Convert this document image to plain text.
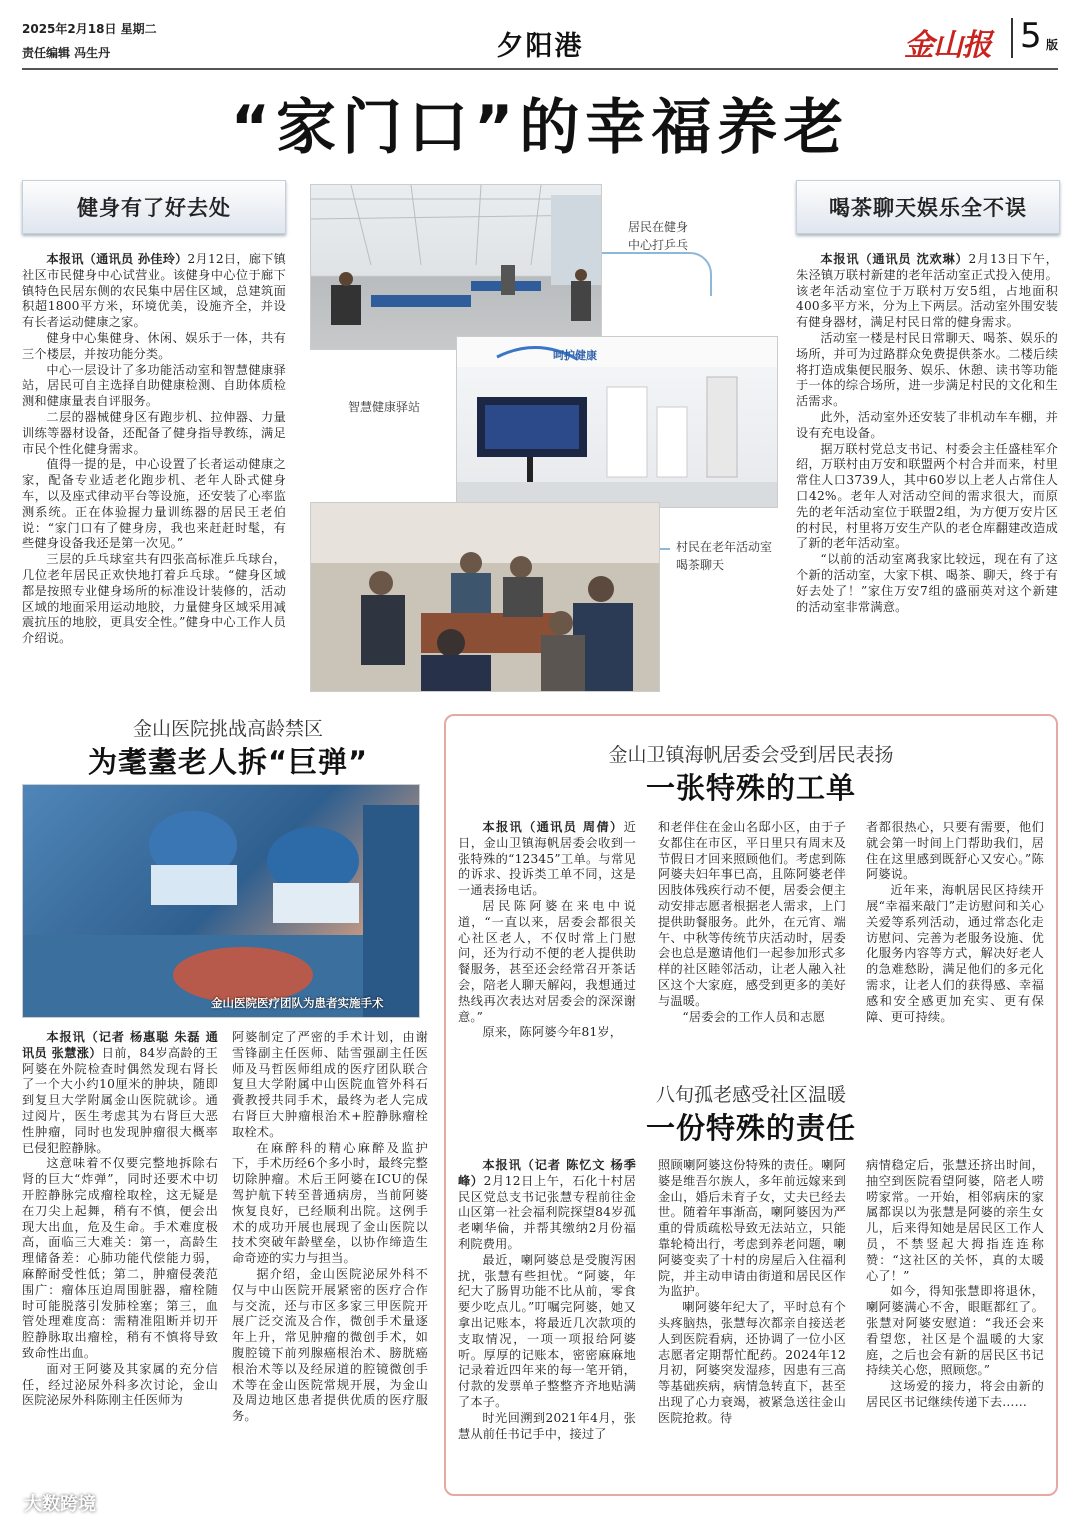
2025年2月18日 星期二
责任编辑 冯生丹	夕阳港	金山报 5 版
“家门口”的幸福养老
健身有了好去处

本报讯（通讯员 孙佳玲）2月12日，廊下镇社区市民健身中心试营业。该健身中心位于廊下镇特色民居东侧的农民集中居住区域，总建筑面积超1800平方米，环境优美，设施齐全，并设有长者运动健康之家。

健身中心集健身、休闲、娱乐于一体，共有三个楼层，并按功能分类。

中心一层设计了多功能活动室和智慧健康驿站，居民可自主选择自助健康检测、自助体质检测和健康量表自评服务。

二层的器械健身区有跑步机、拉伸器、力量训练等器材设备，还配备了健身指导教练，满足市民个性化健身需求。

值得一提的是，中心设置了长者运动健康之家，配备专业适老化跑步机、老年人卧式健身车，以及座式律动平台等设施，还安装了心率监测系统。正在体验握力量训练器的居民王老伯说：“家门口有了健身房，我也来赶赶时髦，有些健身设备我还是第一次见。”

三层的乒乓球室共有四张高标准乒乓球台，几位老年居民正欢快地打着乒乓球。“健身区域都是按照专业健身场所的标准设计装修的，活动区域的地面采用运动地胶，力量健身区域采用减震抗压的地胶，更具安全性。”健身中心工作人员介绍说。

居民在健身中心打乒乓
呵护健康
智慧健康驿站
村民在老年活动室喝茶聊天
喝茶聊天娱乐全不误

本报讯（通讯员 沈欢琳）2月13日下午，朱泾镇万联村新建的老年活动室正式投入使用。该老年活动室位于万联村万安5组，占地面积400多平方米，分为上下两层。活动室外围安装有健身器材，满足村民日常的健身需求。

活动室一楼是村民日常聊天、喝茶、娱乐的场所，并可为过路群众免费提供茶水。二楼后续将打造成集便民服务、娱乐、休憩、读书等功能于一体的综合场所，进一步满足村民的文化和生活需求。

此外，活动室外还安装了非机动车车棚，并设有充电设备。

据万联村党总支书记、村委会主任盛桂军介绍，万联村由万安和联盟两个村合并而来，村里常住人口3739人，其中60岁以上老人占常住人口42%。老年人对活动空间的需求很大，而原先的老年活动室位于联盟2组，为方便万安片区的村民，村里将万安生产队的老仓库翻建改造成了新的老年活动室。

“以前的活动室离我家比较远，现在有了这个新的活动室，大家下棋、喝茶、聊天，终于有好去处了！”家住万安7组的盛丽英对这个新建的活动室非常满意。

金山医院挑战高龄禁区
为耄耋老人拆“巨弹”
金山医院医疗团队为患者实施手术

本报讯（记者 杨惠聪 朱磊 通讯员 张慧涨）日前，84岁高龄的王阿婆在外院检查时偶然发现右肾长了一个大小约10厘米的肿块，随即到复旦大学附属金山医院就诊。通过阅片，医生考虑其为右肾巨大恶性肿瘤，同时也发现肿瘤很大概率已侵犯腔静脉。

这意味着不仅要完整地拆除右肾的巨大“炸弹”，同时还要术中切开腔静脉完成瘤栓取栓，这无疑是在刀尖上起舞，稍有不慎，便会出现大出血，危及生命。手术难度极高，面临三大难关：第一，高龄生理储备差：心肺功能代偿能力弱，麻醉耐受性低；第二，肿瘤侵袭范围广：瘤体压迫周围脏器，瘤栓随时可能脱落引发肺栓塞；第三，血管处理难度高：需精准阻断并切开腔静脉取出瘤栓，稍有不慎将导致致命性出血。

面对王阿婆及其家属的充分信任，经过泌尿外科多次讨论，金山医院泌尿外科陈刚主任医师为

阿婆制定了严密的手术计划，由谢雪锋副主任医师、陆雪强副主任医师及马哲医师组成的医疗团队联合复旦大学附属中山医院血管外科石賫教授共同手术，最终为老人完成右肾巨大肿瘤根治术+腔静脉瘤栓取栓术。

在麻醉科的精心麻醉及监护下，手术历经6个多小时，最终完整切除肿瘤。术后王阿婆在ICU的保驾护航下转至普通病房，当前阿婆恢复良好，已经顺利出院。这例手术的成功开展也展现了金山医院以技术突破年龄壁垒，以协作缔造生命奇迹的实力与担当。

据介绍，金山医院泌尿外科不仅与中山医院开展紧密的医疗合作与交流，还与市区多家三甲医院开展广泛交流及合作，微创手术量逐年上升，常见肿瘤的微创手术，如腹腔镜下前列腺癌根治术、膀胱癌根治术等以及经尿道的腔镜微创手术等在金山医院常规开展，为金山及周边地区患者提供优质的医疗服务。

金山卫镇海帆居委会受到居民表扬
一张特殊的工单

本报讯（通讯员 周倩）近日，金山卫镇海帆居委会收到一张特殊的“12345”工单。与常见的诉求、投诉类工单不同，这是一通表扬电话。

居民陈阿婆在来电中说道，“一直以来，居委会都很关心社区老人，不仅时常上门慰问，还为行动不便的老人提供助餐服务，甚至还会经常召开茶话会，陪老人聊天解闷，我想通过热线再次表达对居委会的深深谢意。”

原来，陈阿婆今年81岁，

和老伴住在金山名邸小区，由于子女都住在市区，平日里只有周末及节假日才回来照顾他们。考虑到陈阿婆夫妇年事已高，且陈阿婆老伴因肢体残疾行动不便，居委会便主动安排志愿者根据老人需求，上门提供助餐服务。此外，在元宵、端午、中秋等传统节庆活动时，居委会也总是邀请他们一起参加形式多样的社区睦邻活动，让老人融入社区这个大家庭，感受到更多的美好与温暖。

“居委会的工作人员和志愿

者都很热心，只要有需要，他们就会第一时间上门帮助我们，居住在这里感到既舒心又安心。”陈阿婆说。

近年来，海帆居民区持续开展“幸福来敲门”走访慰问和关心关爱等系列活动，通过常态化走访慰问、完善为老服务设施、优化服务内容等方式，解决好老人的急难愁盼，满足他们的多元化需求，让老人们的获得感、幸福感和安全感更加充实、更有保障、更可持续。

八旬孤老感受社区温暖
一份特殊的责任

本报讯（记者 陈忆文 杨季峰）2月12日上午，石化十村居民区党总支书记张慧专程前往金山区第一社会福利院探望84岁孤老喇华倫，并帮其缴纳2月份福利院费用。

最近，喇阿婆总是受腹泻困扰，张慧有些担忧。“阿婆，年纪大了肠胃功能不比从前，零食要少吃点儿。”叮嘱完阿婆，她又拿出记账本，将最近几次款项的支取情况，一项一项报给阿婆听。厚厚的记账本，密密麻麻地记录着近四年来的每一笔开销，付款的发票单子整整齐齐地贴满了本子。

时光回溯到2021年4月，张慧从前任书记手中，接过了

照顾喇阿婆这份特殊的责任。喇阿婆是维吾尔族人，多年前远嫁来到金山，婚后未育子女，丈夫已经去世。随着年事渐高，喇阿婆因为严重的骨质疏松导致无法站立，只能靠轮椅出行，考虑到养老问题，喇阿婆变卖了十村的房屋后入住福利院，并主动申请由街道和居民区作为监护。

喇阿婆年纪大了，平时总有个头疼脑热，张慧每次都亲自接送老人到医院看病，还协调了一位小区志愿者定期帮忙配药。2024年12月初，阿婆突发湿疹，因患有三高等基础疾病，病情急转直下，甚至出现了心力衰竭，被紧急送往金山医院抢救。待

病情稳定后，张慧还挤出时间，抽空到医院看望阿婆，陪老人唠唠家常。一开始，相邻病床的家属都误以为张慧是阿婆的亲生女儿，后来得知她是居民区工作人员，不禁竖起大拇指连连称赞：“这社区的关怀，真的太暖心了！”

如今，得知张慧即将退休，喇阿婆满心不舍，眼眶都红了。张慧对阿婆安慰道：“我还会来看望您，社区是个温暖的大家庭，之后也会有新的居民区书记持续关心您，照顾您。”

这场爱的接力，将会由新的居民区书记继续传递下去……

大数跨境
